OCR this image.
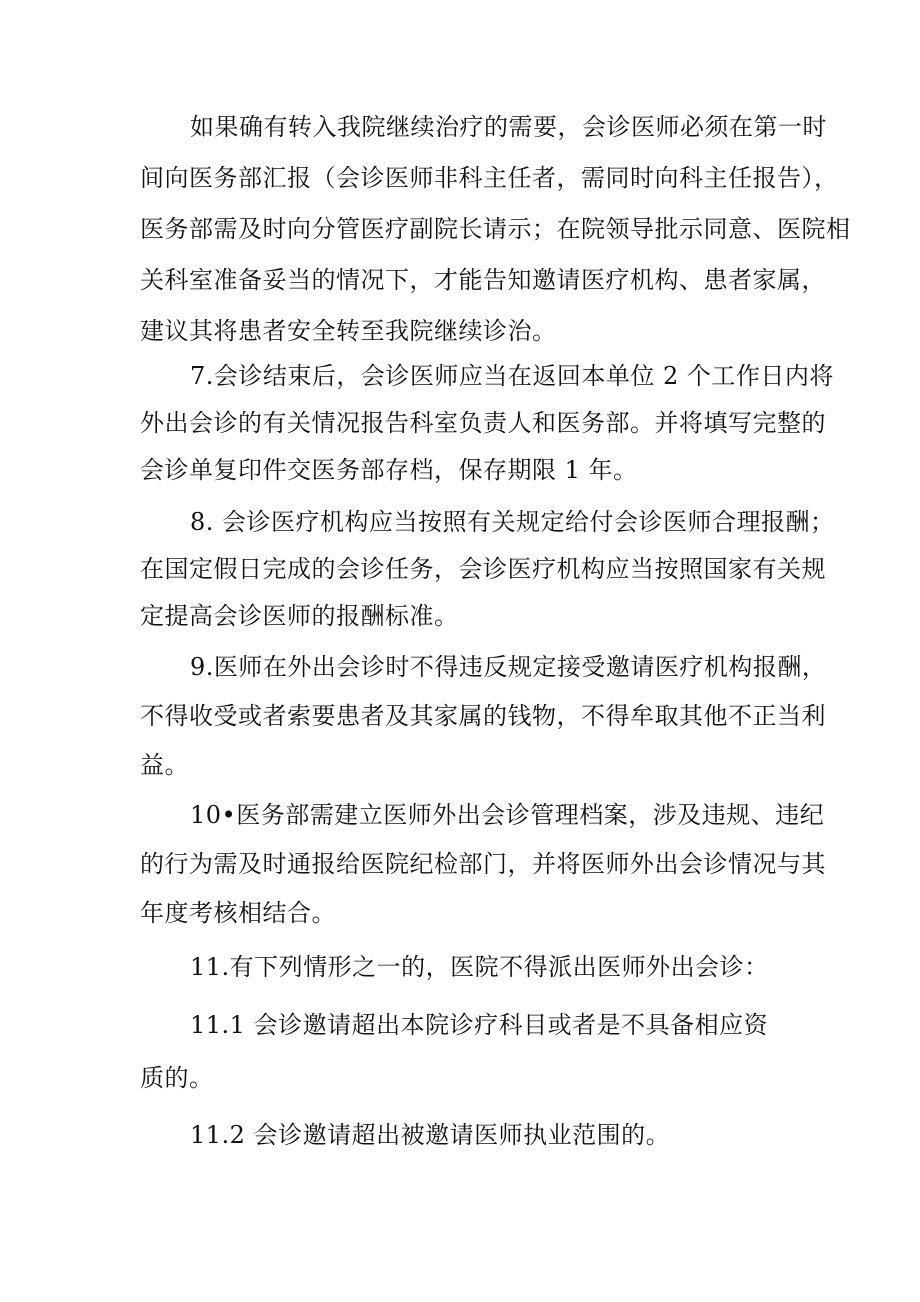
如果确有转入我院继续治疗的需要，会诊医师必须在第一时
间向医务部汇报（会诊医师非科主任者，需同时向科主任报告），
医务部需及时向分管医疗副院长请示；在院领导批示同意、医院相
关科室准备妥当的情况下，才能告知邀请医疗机构、患者家属，
建议其将患者安全转至我院继续诊治。
7.会诊结束后，会诊医师应当在返回本单位 2 个工作日内将
外出会诊的有关情况报告科室负责人和医务部。并将填写完整的
会诊单复印件交医务部存档，保存期限 1 年。
8. 会诊医疗机构应当按照有关规定给付会诊医师合理报酬；
在国定假日完成的会诊任务，会诊医疗机构应当按照国家有关规
定提高会诊医师的报酬标准。
9.医师在外出会诊时不得违反规定接受邀请医疗机构报酬，
不得收受或者索要患者及其家属的钱物，不得牟取其他不正当利
益。
10•医务部需建立医师外出会诊管理档案，涉及违规、违纪
的行为需及时通报给医院纪检部门，并将医师外出会诊情况与其
年度考核相结合。
11.有下列情形之一的，医院不得派出医师外出会诊：
11.1 会诊邀请超出本院诊疗科目或者是不具备相应资
质的。
11.2 会诊邀请超出被邀请医师执业范围的。
